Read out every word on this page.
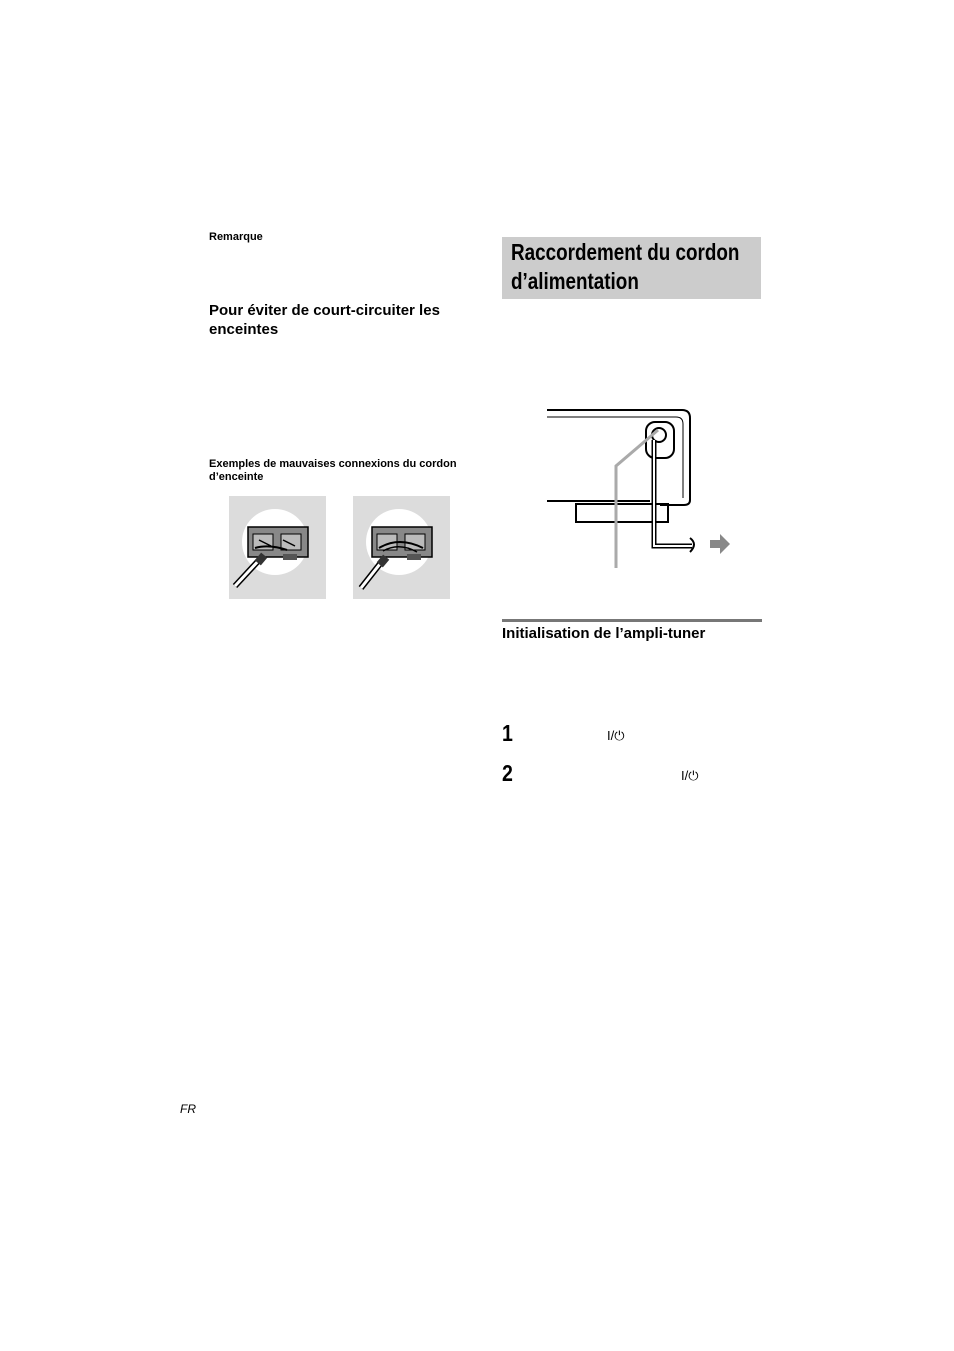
Remarque
Pour éviter de court-circuiter les enceintes
Exemples de mauvaises connexions du cordon d’enceinte
Raccordement du cordon
d’alimentation
Initialisation de l’ampli-tuner
1	I/⏻
2	I/⏻
FR
